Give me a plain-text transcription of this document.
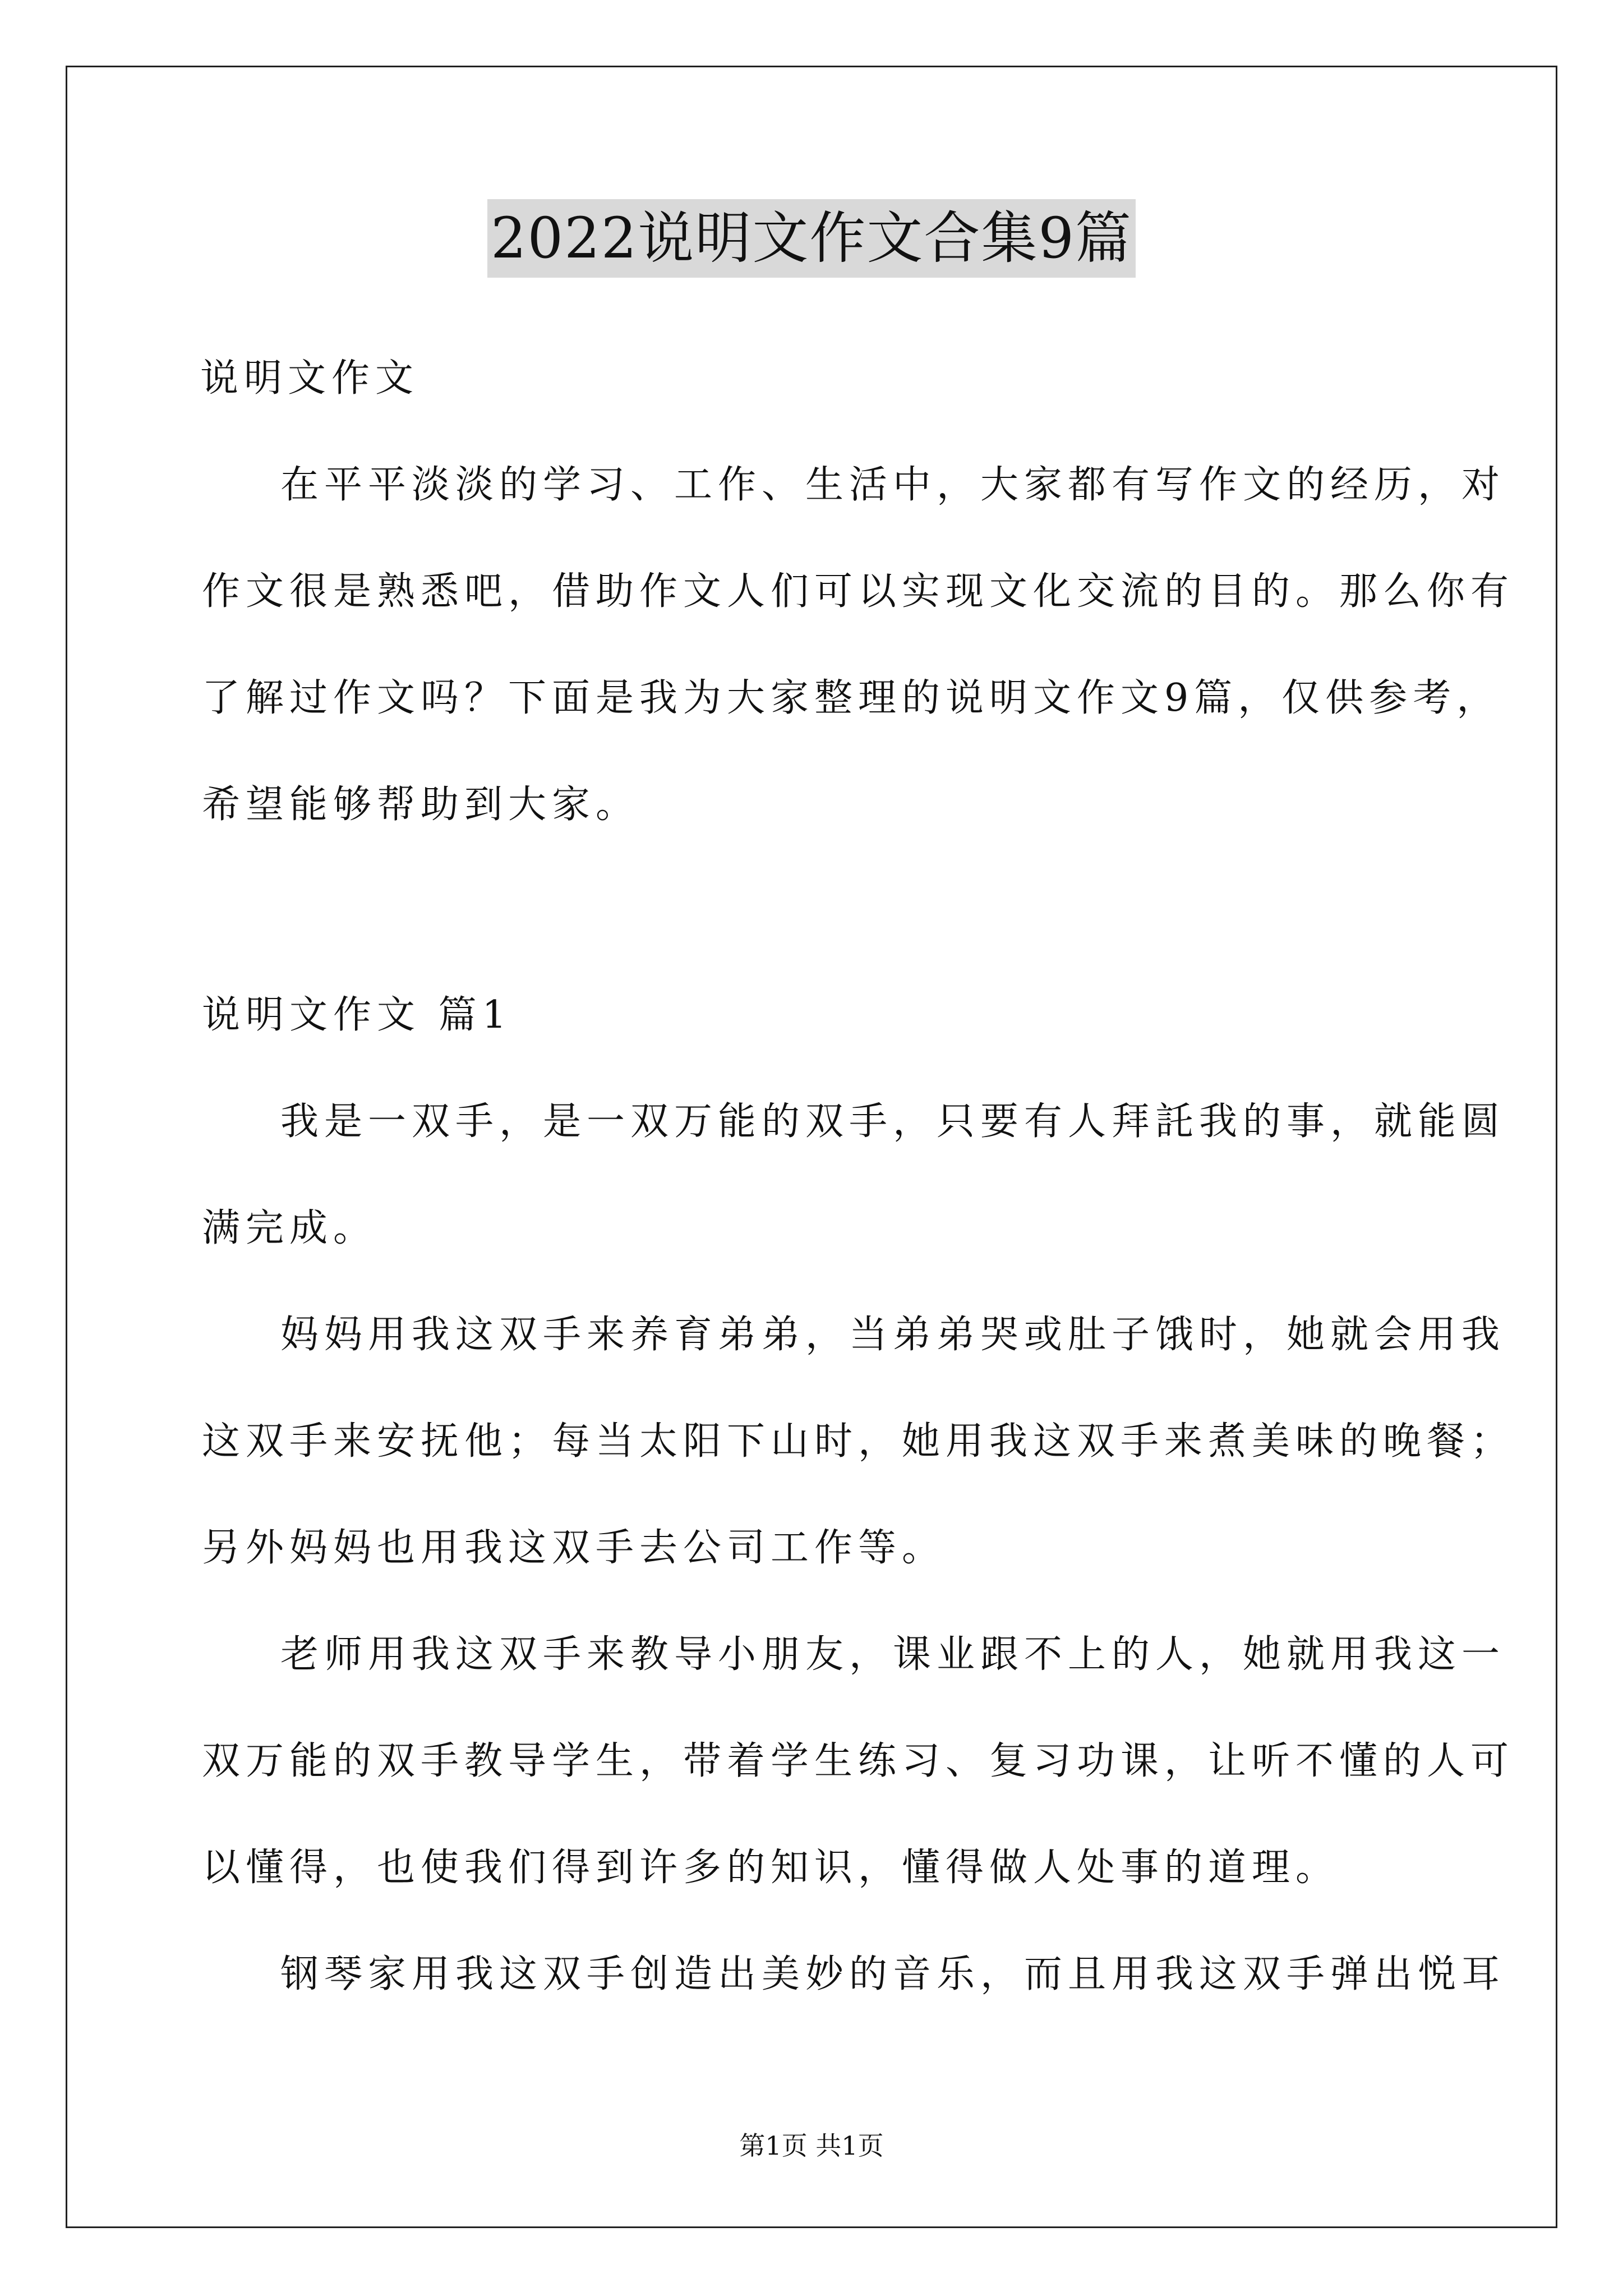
2022说明文作文合集9篇
说明文作文
在平平淡淡的学习、工作、生活中，大家都有写作文的经历，对
作文很是熟悉吧，借助作文人们可以实现文化交流的目的。那么你有
了解过作文吗？下面是我为大家整理的说明文作文9篇，仅供参考，
希望能够帮助到大家。
说明文作文 篇1
我是一双手，是一双万能的双手，只要有人拜託我的事，就能圆
满完成。
妈妈用我这双手来养育弟弟，当弟弟哭或肚子饿时，她就会用我
这双手来安抚他；每当太阳下山时，她用我这双手来煮美味的晚餐；
另外妈妈也用我这双手去公司工作等。
老师用我这双手来教导小朋友，课业跟不上的人，她就用我这一
双万能的双手教导学生，带着学生练习、复习功课，让听不懂的人可
以懂得，也使我们得到许多的知识，懂得做人处事的道理。
钢琴家用我这双手创造出美妙的音乐，而且用我这双手弹出悦耳
第1页 共1页
